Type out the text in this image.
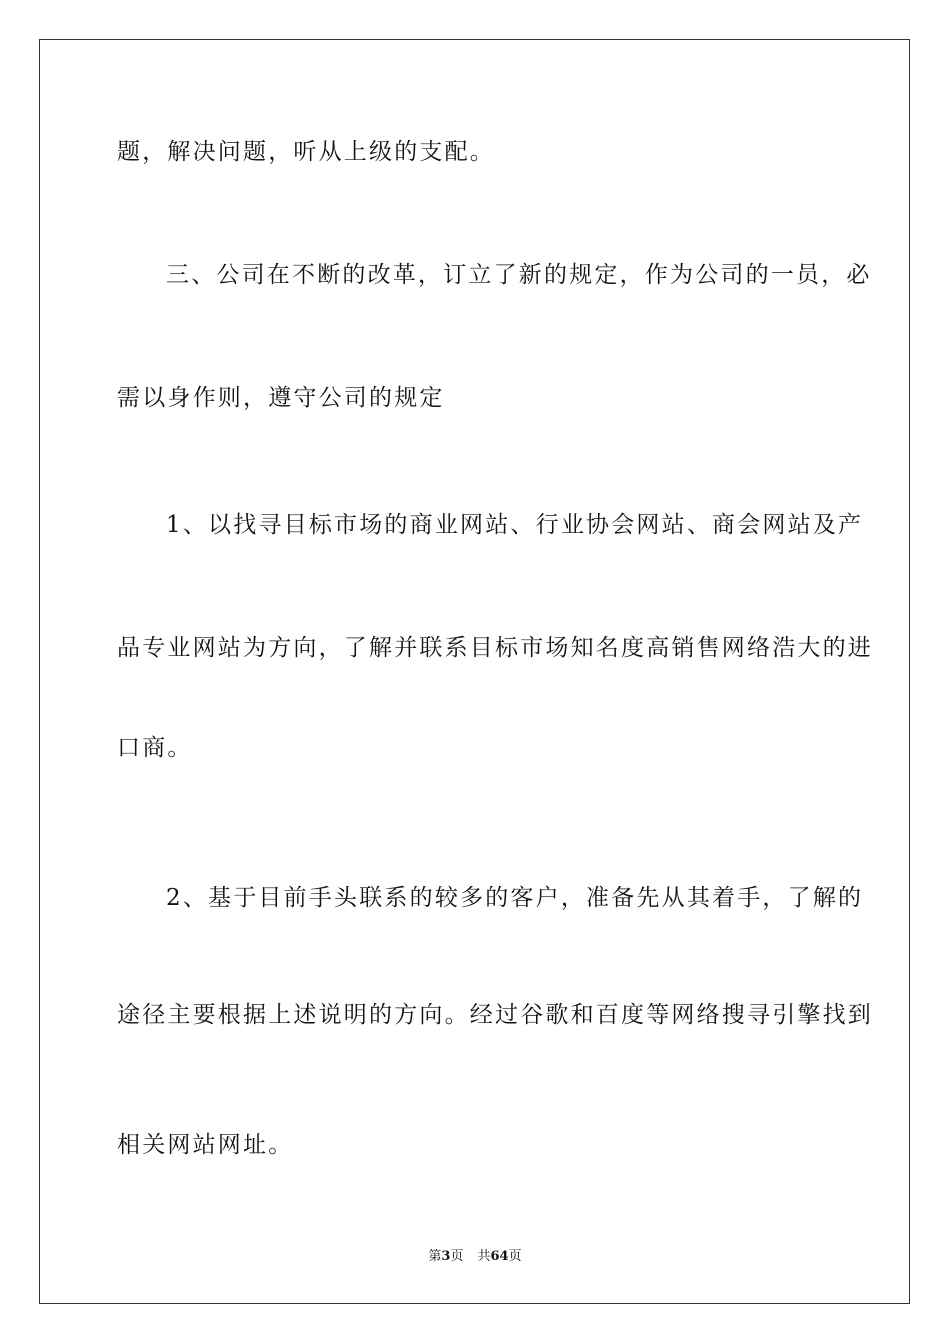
题，解决问题，听从上级的支配。
三、公司在不断的改革，订立了新的规定，作为公司的一员，必
需以身作则，遵守公司的规定
1、以找寻目标市场的商业网站、行业协会网站、商会网站及产
品专业网站为方向，了解并联系目标市场知名度高销售网络浩大的进
口商。
2、基于目前手头联系的较多的客户，准备先从其着手，了解的
途径主要根据上述说明的方向。经过谷歌和百度等网络搜寻引擎找到
相关网站网址。
第3页 共64页
